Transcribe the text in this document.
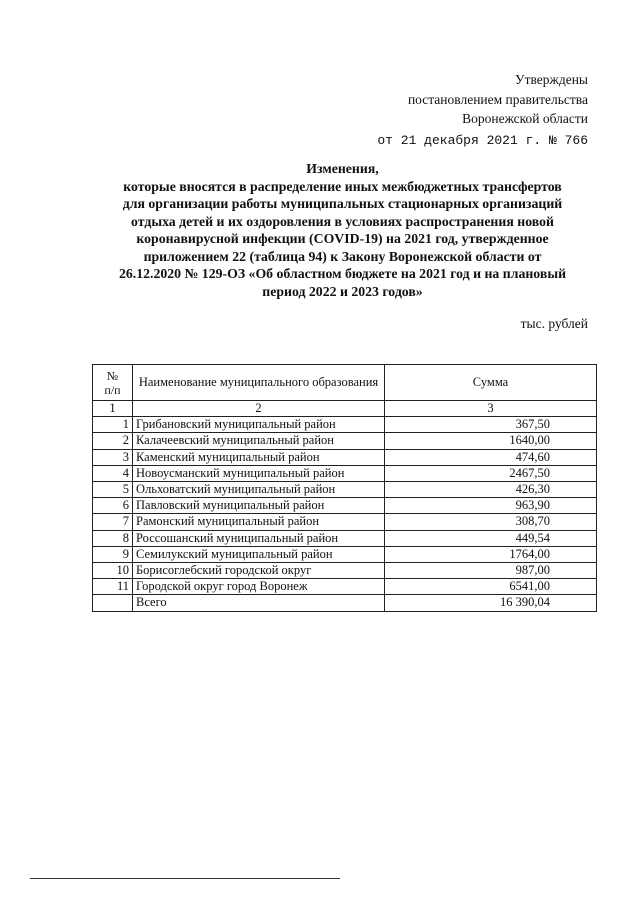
Утверждены
постановлением правительства
Воронежской области
от 21 декабря 2021 г. № 766
Изменения,
которые вносятся в распределение иных межбюджетных трансфертов
для организации работы муниципальных стационарных организаций
отдыха детей и их оздоровления в условиях распространения новой
коронавирусной инфекции (COVID-19) на 2021 год, утвержденное
приложением 22 (таблица 94) к Закону Воронежской области от
26.12.2020 № 129-ОЗ «Об областном бюджете на 2021 год и на плановый
период 2022 и 2023 годов»
тыс. рублей
№
п/п	Наименование муниципального образования	Сумма
1	2	3
1	Грибановский муниципальный район	367,50
2	Калачеевский муниципальный район	1640,00
3	Каменский муниципальный район	474,60
4	Новоусманский муниципальный район	2467,50
5	Ольховатский муниципальный район	426,30
6	Павловский муниципальный район	963,90
7	Рамонский муниципальный район	308,70
8	Россошанский муниципальный район	449,54
9	Семилукский муниципальный район	1764,00
10	Борисоглебский городской округ	987,00
11	Городской округ город Воронеж	6541,00
	Всего	16 390,04
